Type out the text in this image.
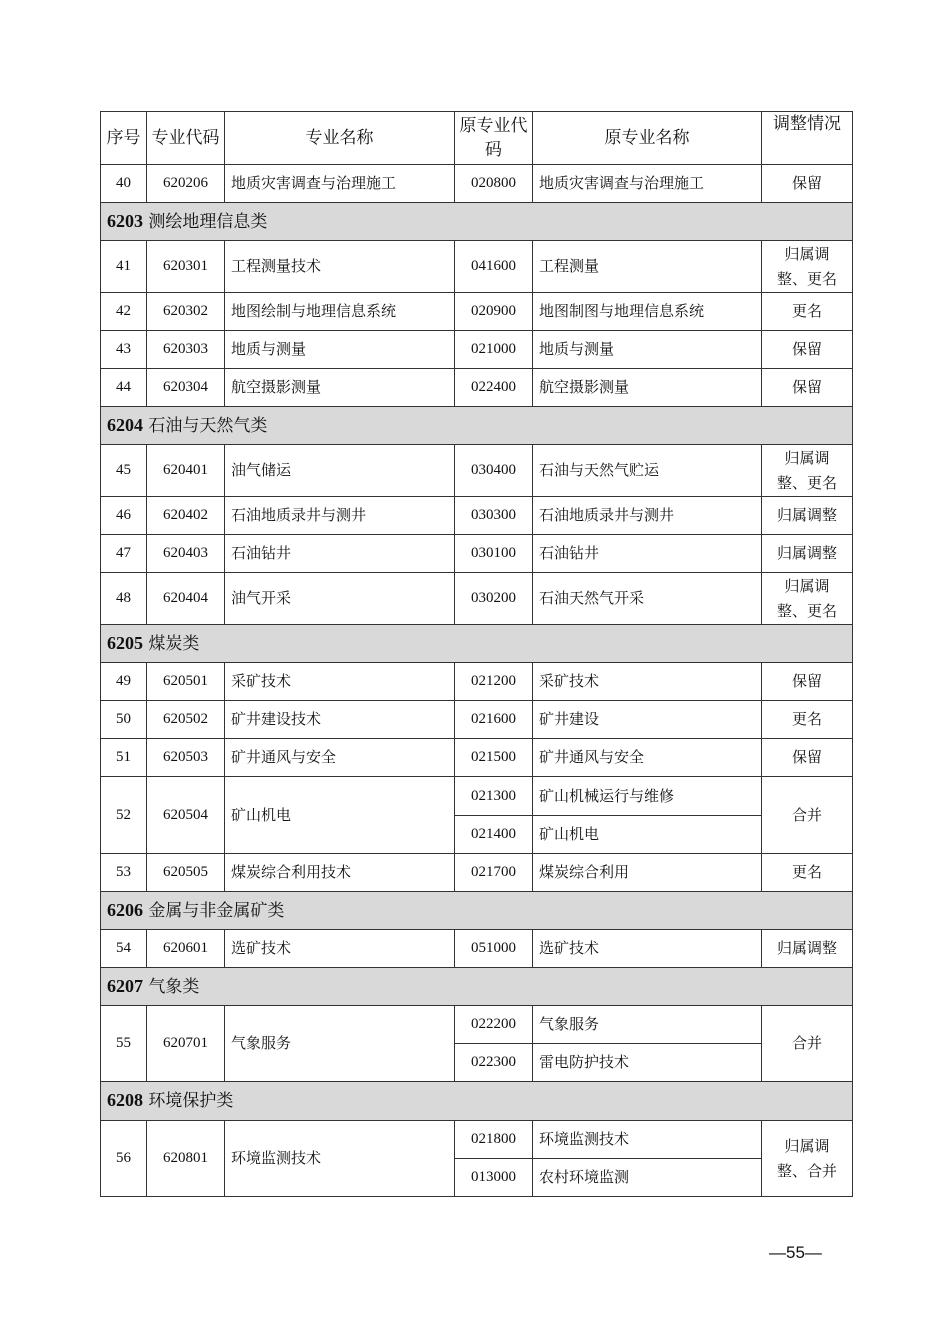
序号	专业代码	专业名称	原专业代码	原专业名称	调整情况
40	620206	地质灾害调查与治理施工	020800	地质灾害调查与治理施工	保留
6203 测绘地理信息类					
41	620301	工程测量技术	041600	工程测量	归属调整、更名
42	620302	地图绘制与地理信息系统	020900	地图制图与地理信息系统	更名
43	620303	地质与测量	021000	地质与测量	保留
44	620304	航空摄影测量	022400	航空摄影测量	保留
6204 石油与天然气类					
45	620401	油气储运	030400	石油与天然气贮运	归属调整、更名
46	620402	石油地质录井与测井	030300	石油地质录井与测井	归属调整
47	620403	石油钻井	030100	石油钻井	归属调整
48	620404	油气开采	030200	石油天然气开采	归属调整、更名
6205 煤炭类					
49	620501	采矿技术	021200	采矿技术	保留
50	620502	矿井建设技术	021600	矿井建设	更名
51	620503	矿井通风与安全	021500	矿井通风与安全	保留
52	620504	矿山机电	021300	矿山机械运行与维修	合并
			021400	矿山机电	
53	620505	煤炭综合利用技术	021700	煤炭综合利用	更名
6206 金属与非金属矿类					
54	620601	选矿技术	051000	选矿技术	归属调整
6207 气象类					
55	620701	气象服务	022200	气象服务	合并
			022300	雷电防护技术	
6208 环境保护类					
56	620801	环境监测技术	021800	环境监测技术	归属调整、合并
			013000	农村环境监测	
—55—
